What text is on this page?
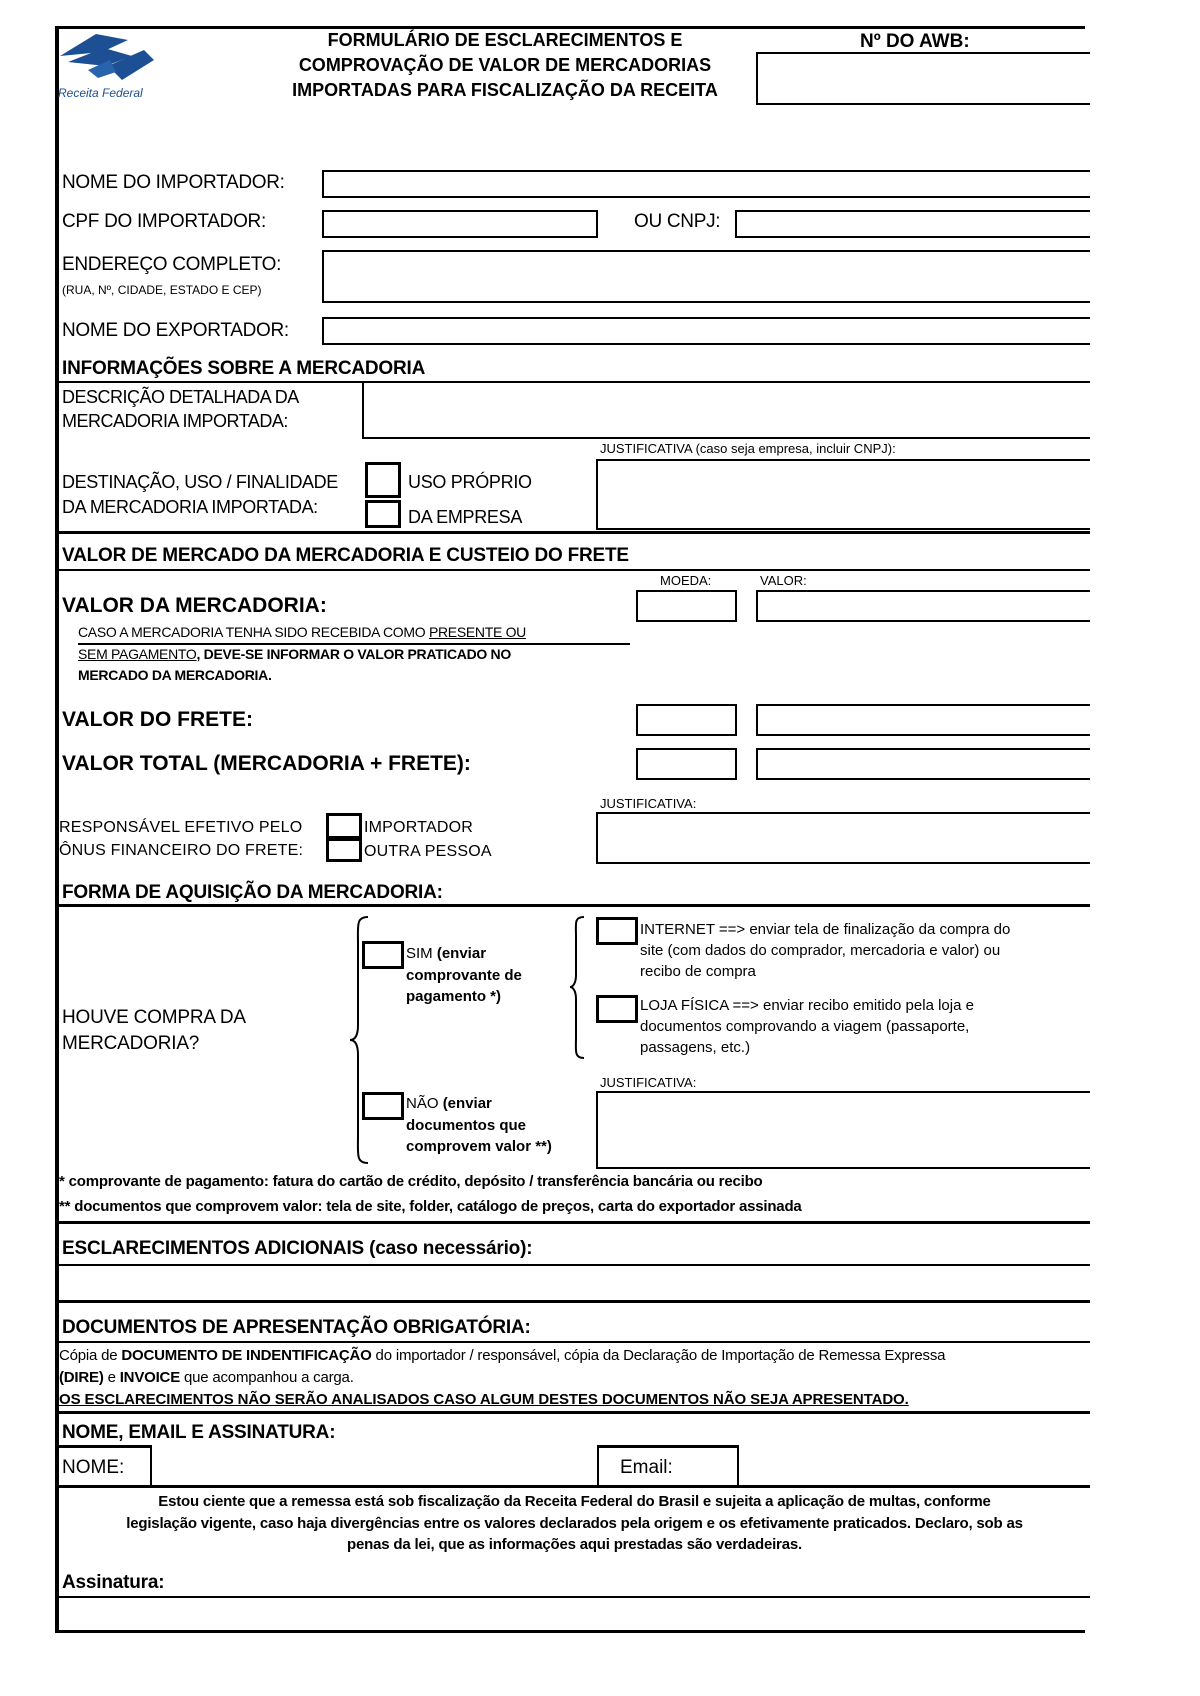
Receita Federal
FORMULÁRIO DE ESCLARECIMENTOS E
COMPROVAÇÃO DE VALOR DE MERCADORIAS
IMPORTADAS PARA FISCALIZAÇÃO DA RECEITA
Nº DO AWB:
NOME DO IMPORTADOR:
CPF DO IMPORTADOR:	OU CNPJ:
ENDEREÇO COMPLETO:
(RUA, Nº, CIDADE, ESTADO E CEP)
NOME DO EXPORTADOR:
INFORMAÇÕES SOBRE A MERCADORIA
DESCRIÇÃO DETALHADA DA
MERCADORIA IMPORTADA:
JUSTIFICATIVA (caso seja empresa, incluir CNPJ):
DESTINAÇÃO, USO / FINALIDADE
DA MERCADORIA IMPORTADA:
USO PRÓPRIO
DA EMPRESA
VALOR DE MERCADO DA MERCADORIA E CUSTEIO DO FRETE
MOEDA:	VALOR:
VALOR DA MERCADORIA:
CASO A MERCADORIA TENHA SIDO RECEBIDA COMO PRESENTE OU
SEM PAGAMENTO, DEVE-SE INFORMAR O VALOR PRATICADO NO
MERCADO DA MERCADORIA.
VALOR DO FRETE:
VALOR TOTAL (MERCADORIA + FRETE):
JUSTIFICATIVA:
RESPONSÁVEL EFETIVO PELO
ÔNUS FINANCEIRO DO FRETE:
IMPORTADOR
OUTRA PESSOA
FORMA DE AQUISIÇÃO DA MERCADORIA:
HOUVE COMPRA DA
MERCADORIA?
SIM (enviar
comprovante de
pagamento *)
INTERNET ==> enviar tela de finalização da compra do
site (com dados do comprador, mercadoria e valor) ou
recibo de compra
LOJA FÍSICA ==> enviar recibo emitido pela loja e
documentos comprovando a viagem (passaporte,
passagens, etc.)
JUSTIFICATIVA:
NÃO (enviar
documentos que
comprovem valor **)
* comprovante de pagamento: fatura do cartão de crédito, depósito / transferência bancária ou recibo
** documentos que comprovem valor: tela de site, folder, catálogo de preços, carta do exportador assinada
ESCLARECIMENTOS ADICIONAIS (caso necessário):
DOCUMENTOS DE APRESENTAÇÃO OBRIGATÓRIA:
Cópia de DOCUMENTO DE INDENTIFICAÇÃO do importador / responsável, cópia da Declaração de Importação de Remessa Expressa
(DIRE) e INVOICE que acompanhou a carga.
OS ESCLARECIMENTOS NÃO SERÃO ANALISADOS CASO ALGUM DESTES DOCUMENTOS NÃO SEJA APRESENTADO.
NOME, EMAIL E ASSINATURA:
NOME:	Email:
Estou ciente que a remessa está sob fiscalização da Receita Federal do Brasil e sujeita a aplicação de multas, conforme
legislação vigente, caso haja divergências entre os valores declarados pela origem e os efetivamente praticados. Declaro, sob as
penas da lei, que as informações aqui prestadas são verdadeiras.
Assinatura:
